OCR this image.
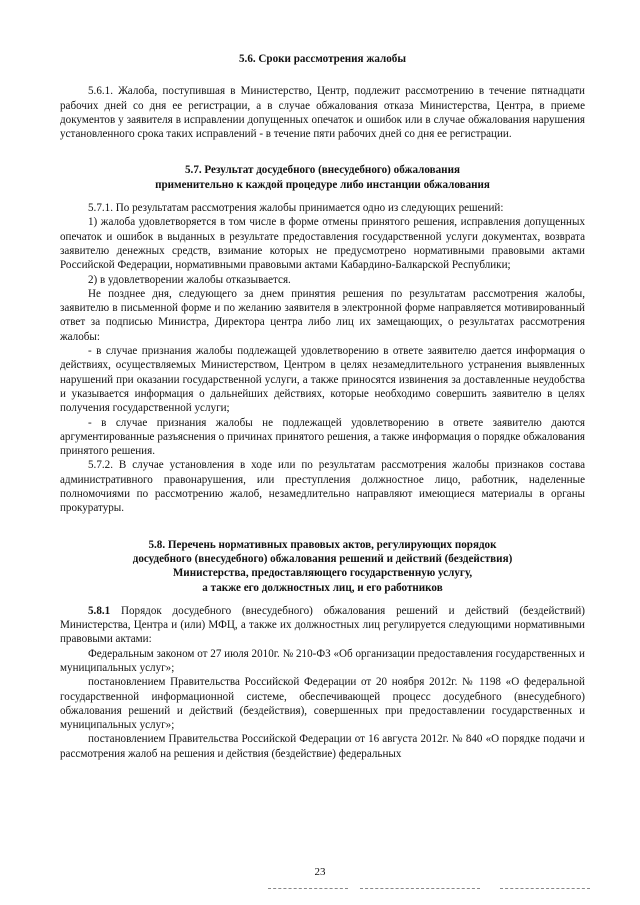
5.6. Сроки рассмотрения жалобы

5.6.1. Жалоба, поступившая в Министерство, Центр, подлежит рассмотрению в течение пятнадцати рабочих дней со дня ее регистрации, а в случае обжалования отказа Министерства, Центра, в приеме документов у заявителя в исправлении допущенных опечаток и ошибок или в случае обжалования нарушения установленного срока таких исправлений - в течение пяти рабочих дней со дня ее регистрации.

5.7. Результат досудебного (внесудебного) обжалования
применительно к каждой процедуре либо инстанции обжалования

5.7.1. По результатам рассмотрения жалобы принимается одно из следующих решений:

1) жалоба удовлетворяется в том числе в форме отмены принятого решения, исправления допущенных опечаток и ошибок в выданных в результате предоставления государственной услуги документах, возврата заявителю денежных средств, взимание которых не предусмотрено нормативными правовыми актами Российской Федерации, нормативными правовыми актами Кабардино-Балкарской Республики;

2) в удовлетворении жалобы отказывается.

Не позднее дня, следующего за днем принятия решения по результатам рассмотрения жалобы, заявителю в письменной форме и по желанию заявителя в электронной форме направляется мотивированный ответ за подписью Министра, Директора центра либо лиц их замещающих, о результатах рассмотрения жалобы:

- в случае признания жалобы подлежащей удовлетворению в ответе заявителю дается информация о действиях, осуществляемых Министерством, Центром в целях незамедлительного устранения выявленных нарушений при оказании государственной услуги, а также приносятся извинения за доставленные неудобства и указывается информация о дальнейших действиях, которые необходимо совершить заявителю в целях получения государственной услуги;

- в случае признания жалобы не подлежащей удовлетворению в ответе заявителю даются аргументированные разъяснения о причинах принятого решения, а также информация о порядке обжалования принятого решения.

5.7.2. В случае установления в ходе или по результатам рассмотрения жалобы признаков состава административного правонарушения, или преступления должностное лицо, работник, наделенные полномочиями по рассмотрению жалоб, незамедлительно направляют имеющиеся материалы в органы прокуратуры.

5.8. Перечень нормативных правовых актов, регулирующих порядок
досудебного (внесудебного) обжалования решений и действий (бездействия)
Министерства, предоставляющего государственную услугу,
а также его должностных лиц, и его работников

5.8.1 Порядок досудебного (внесудебного) обжалования решений и действий (бездействий) Министерства, Центра и (или) МФЦ, а также их должностных лиц регулируется следующими нормативными правовыми актами:

Федеральным законом от 27 июля 2010г. № 210-ФЗ «Об организации предоставления государственных и муниципальных услуг»;

постановлением Правительства Российской Федерации от 20 ноября 2012г. № 1198 «О федеральной государственной информационной системе, обеспечивающей процесс досудебного (внесудебного) обжалования решений и действий (бездействия), совершенных при предоставлении государственных и муниципальных услуг»;

постановлением Правительства Российской Федерации от 16 августа 2012г. № 840 «О порядке подачи и рассмотрения жалоб на решения и действия (бездействие) федеральных

23
